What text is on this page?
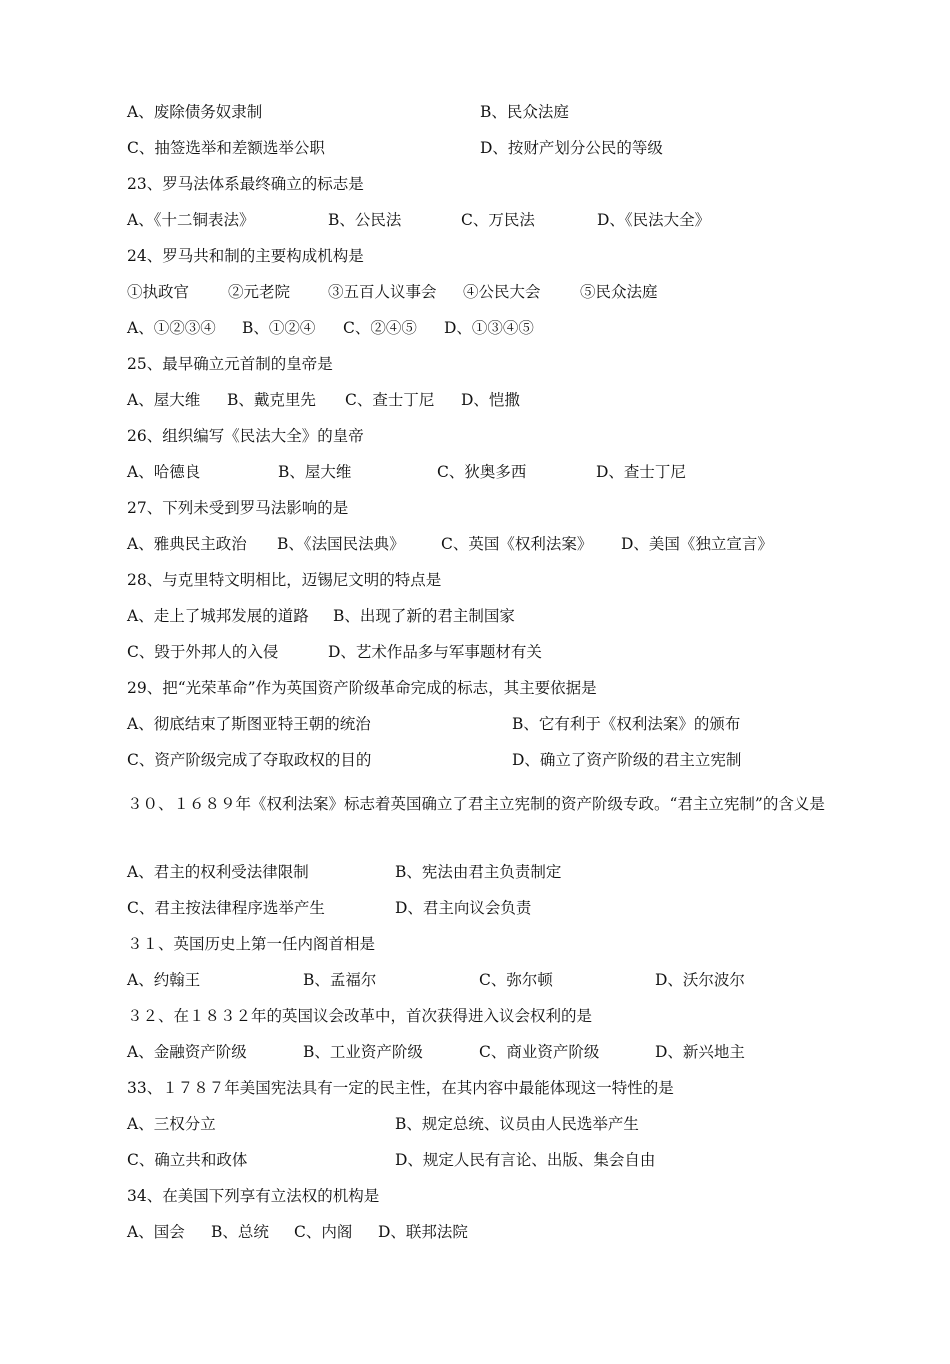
A、废除债务奴隶制

	B、民众法庭

C、抽签选举和差额选举公职

	D、按财产划分公民的等级

23、罗马法体系最终确立的标志是

A、《十二铜表法》

	B、公民法

	C、万民法

	D、《民法大全》

24、罗马共和制的主要构成机构是

①执政官

	②元老院

③五百人议事会

④公民大会

	⑤民众法庭

A、①②③④

B、①②④

C、②④⑤

D、①③④⑤

25、最早确立元首制的皇帝是

A、屋大维

B、戴克里先

C、查士丁尼

D、恺撒

26、组织编写《民法大全》的皇帝

A、哈德良

	B、屋大维

	C、狄奥多西

	D、查士丁尼

27、下列未受到罗马法影响的是

A、雅典民主政治

B、《法国民法典》

C、英国《权利法案》

D、美国《独立宣言》

28、与克里特文明相比，迈锡尼文明的特点是

A、走上了城邦发展的道路

B、出现了新的君主制国家

C、毁于外邦人的入侵

	D、艺术作品多与军事题材有关

29、把“光荣革命”作为英国资产阶级革命完成的标志，其主要依据是

A、彻底结束了斯图亚特王朝的统治

	B、它有利于《权利法案》的颁布

C、资产阶级完成了夺取政权的目的

	D、确立了资产阶级的君主立宪制

３０、１６８９年《权利法案》标志着英国确立了君主立宪制的资产阶级专政。“君主立宪制”的含义是

A、君主的权利受法律限制

	B、宪法由君主负责制定

C、君主按法律程序选举产生

	D、君主向议会负责

３１、英国历史上第一任内阁首相是

A、约翰王

	B、孟福尔

	C、弥尔顿

	D、沃尔波尔

３２、在１８３２年的英国议会改革中，首次获得进入议会权利的是

A、金融资产阶级

	B、工业资产阶级

	C、商业资产阶级

	D、新兴地主

33、１７８７年美国宪法具有一定的民主性，在其内容中最能体现这一特性的是

A、三权分立

	B、规定总统、议员由人民选举产生

C、确立共和政体

	D、规定人民有言论、出版、集会自由

34、在美国下列享有立法权的机构是

A、国会

B、总统

C、内阁

D、联邦法院
